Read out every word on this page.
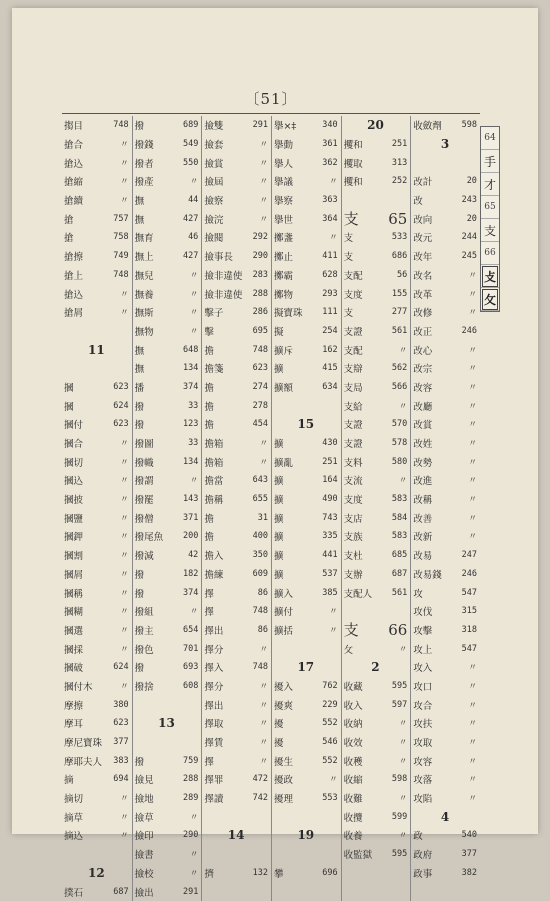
〔51〕
搊目	748
搶合	〃
搶込	〃
搶縮	〃
搶續	〃
搶	757
搶	758
搶擦	749
搶上	748
搶込	〃
搶屑	〃
11
摑	623
摑	624
摑付	623
摑合	〃
摑切	〃
摑込	〃
摑披	〃
摑鹽	〃
摑鉀	〃
摑割	〃
摑屑	〃
摑稱	〃
摑糊	〃
摑選	〃
摑採	〃
摑破	624
摑付木	〃
摩擦	380
摩耳	623
摩尼寶珠 377
摩耶夫人 383
摘	694
摘切	〃
摘草	〃
摘込	〃
12
撲石	687
撥	689
撥錢	549
撥者	550
撥產	〃
撫	44
撫	427
撫育	46
撫上	427
撫兒	〃
撫養	〃
撫斯	〃
撫物	〃
撫	648
撫	134
播	374
撥	33
撥	123
撥圖	33
撥幟	134
撥謂	〃
撥罷	143
撥僧	371
撥尾魚 200
撥減	42
撥	182
撥	374
撥組	〃
撥主	654
撥色	701
撥	693
撥捨	608
13
撥	759
撿見	288
撿地	289
撿草	〃
撿印	290
撿書	〃
撿校	〃
撿出	291
撿雙	291
撿套	〃
撿賞	〃
撿屆	〃
撿察	〃
撿浣	〃
撿閱	292
撿事長 290
撿非違使 283
撿非違使 288
擊子	286
擊	695
擔	748
擔箋	623
擔	274
擔	278
擔	454
擔箱	〃
擔箱	〃
擔當	643
擔稱	655
擔	31
擔	400
擔入	350
擔練	609
擇	86
擇	748
擇出	86
擇分	〃
擇入	748
擇分	〃
擇出	〃
擇取	〃
擇賃	〃
擇	〃
擇罪	472
擇讀	742
14
擠	132
擧×‡	340
擧動	361
擧人	362
擧議	〃
擧察	363
擧世	364
擲盞	〃
擲止	411
擲霸	628
擲物	293
擬寶珠 111
擬	254
擴斥	162
擴	415
擴額	634
15
擴	430
擴亂	251
擴	164
擴	490
擴	743
擴	335
擴	441
擴	537
擴入	385
擴付	〃
擴括	〃
17
擾入	762
擾爽	229
擾	552
擾	546
擾生	552
擾政	〃
擾理	553
19
攀	696
20
攫和	251
攫取	313
攫和	252
支 65
支	533
支	686
支配	56
支度	155
支	277
支證	561
支配	〃
支辯	562
支局	566
支給	〃
支證	570
支證	578
支料	580
支流	〃
支度	583
支店	584
支族	583
支杜	685
支辦	687
支配人 561
支 66
攵	〃
2
收藏	595
收入	597
收納	〃
收效	〃
收穫	〃
收縮	598
收難	〃
收攬	599
收養	〃
收監獄 595
收斂劑 598
3
改計	20
改	243
改向	20
改元	244
改年	245
改名	〃
改革	〃
改修	〃
改正	246
改心	〃
改宗	〃
改容	〃
改廳	〃
改賞	〃
改姓	〃
改勢	〃
改進	〃
改稱	〃
改善	〃
改新	〃
改易	247
改易錢 246
攻	547
攻伐	315
攻擊	318
攻上	547
攻入	〃
攻口	〃
攻合	〃
攻扶	〃
攻取	〃
攻容	〃
攻落	〃
攻陷	〃
4
政	540
政府	377
政事	382
64
手
才
65
支
66
攴
攵
